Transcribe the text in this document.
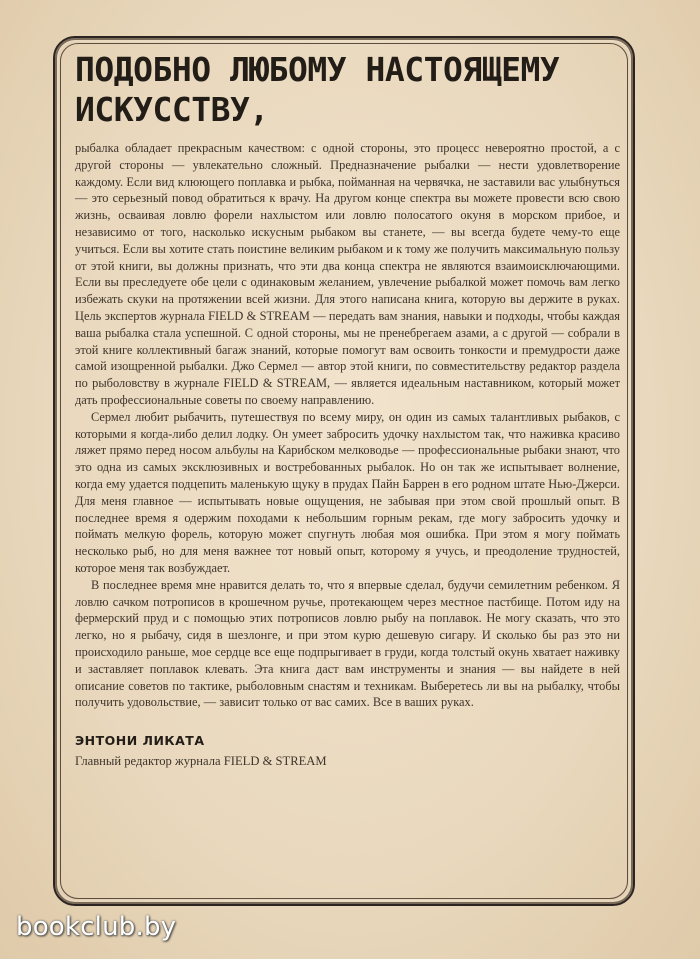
ПОДОБНО ЛЮБОМУ НАСТОЯЩЕМУ ИСКУССТВУ,

рыбалка обладает прекрасным качеством: с одной стороны, это процесс невероятно простой, а с другой стороны — увлекательно сложный. Предназначение рыбалки — нести удовлетворение каждому. Если вид клюющего поплавка и рыбка, пойманная на червячка, не заставили вас улыбнуться — это серьезный повод обратиться к врачу. На другом конце спектра вы можете провести всю свою жизнь, осваивая ловлю форели нахлыстом или ловлю полосатого окуня в морском прибое, и независимо от того, насколько искусным рыбаком вы станете, — вы всегда будете чему-то еще учиться. Если вы хотите стать поистине великим рыбаком и к тому же получить максимальную пользу от этой книги, вы должны признать, что эти два конца спектра не являются взаимоисключающими. Если вы преследуете обе цели с одинаковым желанием, увлечение рыбалкой может помочь вам легко избежать скуки на протяжении всей жизни. Для этого написана книга, которую вы держите в руках. Цель экспертов журнала FIELD & STREAM — передать вам знания, навыки и подходы, чтобы каждая ваша рыбалка стала успешной. С одной стороны, мы не пренебрегаем азами, а с другой — собрали в этой книге коллективный багаж знаний, которые помогут вам освоить тонкости и премудрости даже самой изощренной рыбалки. Джо Сермел — автор этой книги, по совместительству редактор раздела по рыболовству в журнале FIELD & STREAM, — является идеальным наставником, который может дать профессиональные советы по своему направлению.

Сермел любит рыбачить, путешествуя по всему миру, он один из самых талантливых рыбаков, с которыми я когда-либо делил лодку. Он умеет забросить удочку нахлыстом так, что наживка красиво ляжет прямо перед носом альбулы на Карибском мелководье — профессиональные рыбаки знают, что это одна из самых эксклюзивных и востребованных рыбалок. Но он так же испытывает волнение, когда ему удается подцепить маленькую щуку в прудах Пайн Баррен в его родном штате Нью-Джерси. Для меня главное — испытывать новые ощущения, не забывая при этом свой прошлый опыт. В последнее время я одержим походами к небольшим горным рекам, где могу забросить удочку и поймать мелкую форель, которую может спугнуть любая моя ошибка. При этом я могу поймать несколько рыб, но для меня важнее тот новый опыт, которому я учусь, и преодоление трудностей, которое меня так возбуждает.

В последнее время мне нравится делать то, что я впервые сделал, будучи семилетним ребенком. Я ловлю сачком потрописов в крошечном ручье, протекающем через местное пастбище. Потом иду на фермерский пруд и с помощью этих потрописов ловлю рыбу на поплавок. Не могу сказать, что это легко, но я рыбачу, сидя в шезлонге, и при этом курю дешевую сигару. И сколько бы раз это ни происходило раньше, мое сердце все еще подпрыгивает в груди, когда толстый окунь хватает наживку и заставляет поплавок клевать. Эта книга даст вам инструменты и знания — вы найдете в ней описание советов по тактике, рыболовным снастям и техникам. Выберетесь ли вы на рыбалку, чтобы получить удовольствие, — зависит только от вас самих. Все в ваших руках.

ЭНТОНИ ЛИКАТА
Главный редактор журнала FIELD & STREAM
bookclub.by
